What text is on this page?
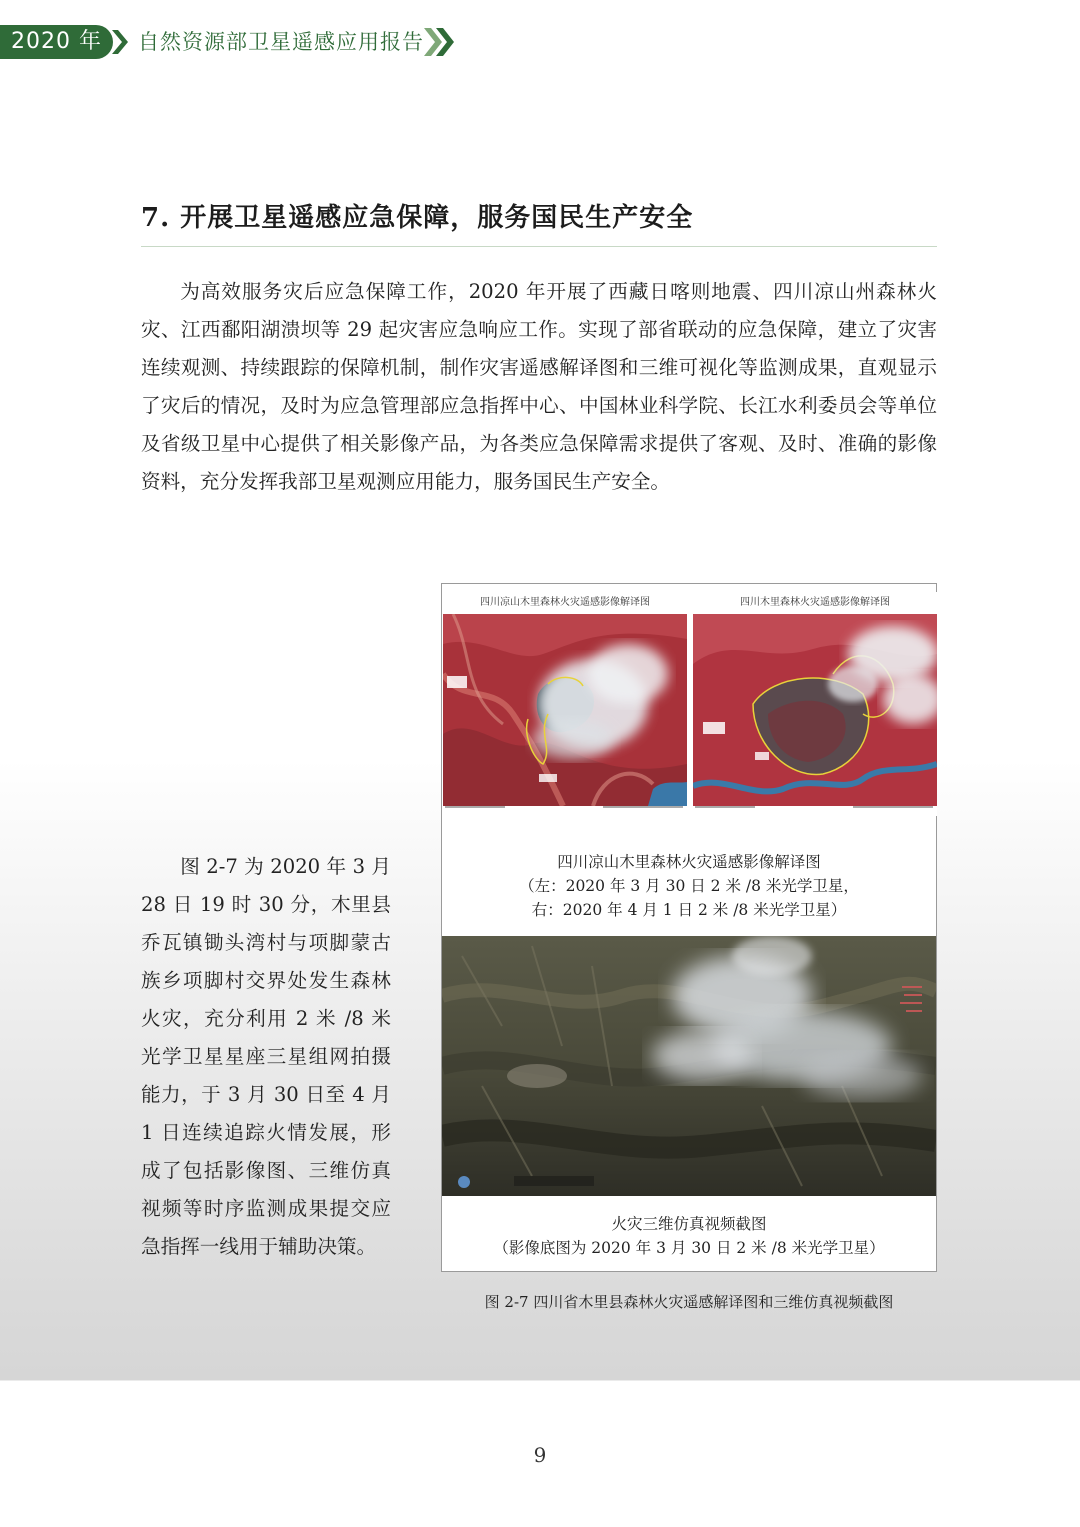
2020 年	自然资源部卫星遥感应用报告
7. 开展卫星遥感应急保障，服务国民生产安全

为高效服务灾后应急保障工作，2020 年开展了西藏日喀则地震、四川凉山州森林火灾、江西鄱阳湖溃坝等 29 起灾害应急响应工作。实现了部省联动的应急保障，建立了灾害连续观测、持续跟踪的保障机制，制作灾害遥感解译图和三维可视化等监测成果，直观显示了灾后的情况，及时为应急管理部应急指挥中心、中国林业科学院、长江水利委员会等单位及省级卫星中心提供了相关影像产品，为各类应急保障需求提供了客观、及时、准确的影像资料，充分发挥我部卫星观测应用能力，服务国民生产安全。

图 2-7 为 2020 年 3 月 28 日 19 时 30 分，木里县乔瓦镇锄头湾村与项脚蒙古族乡项脚村交界处发生森林火灾，充分利用 2 米 /8 米光学卫星星座三星组网拍摄能力，于 3 月 30 日至 4 月 1 日连续追踪火情发展，形成了包括影像图、三维仿真视频等时序监测成果提交应急指挥一线用于辅助决策。

四川凉山木里森林火灾遥感影像解译图	四川木里森林火灾遥感影像解译图
四川凉山木里森林火灾遥感影像解译图
（左：2020 年 3 月 30 日 2 米 /8 米光学卫星，
右：2020 年 4 月 1 日 2 米 /8 米光学卫星）
火灾三维仿真视频截图
（影像底图为 2020 年 3 月 30 日 2 米 /8 米光学卫星）
图 2-7 四川省木里县森林火灾遥感解译图和三维仿真视频截图
9
